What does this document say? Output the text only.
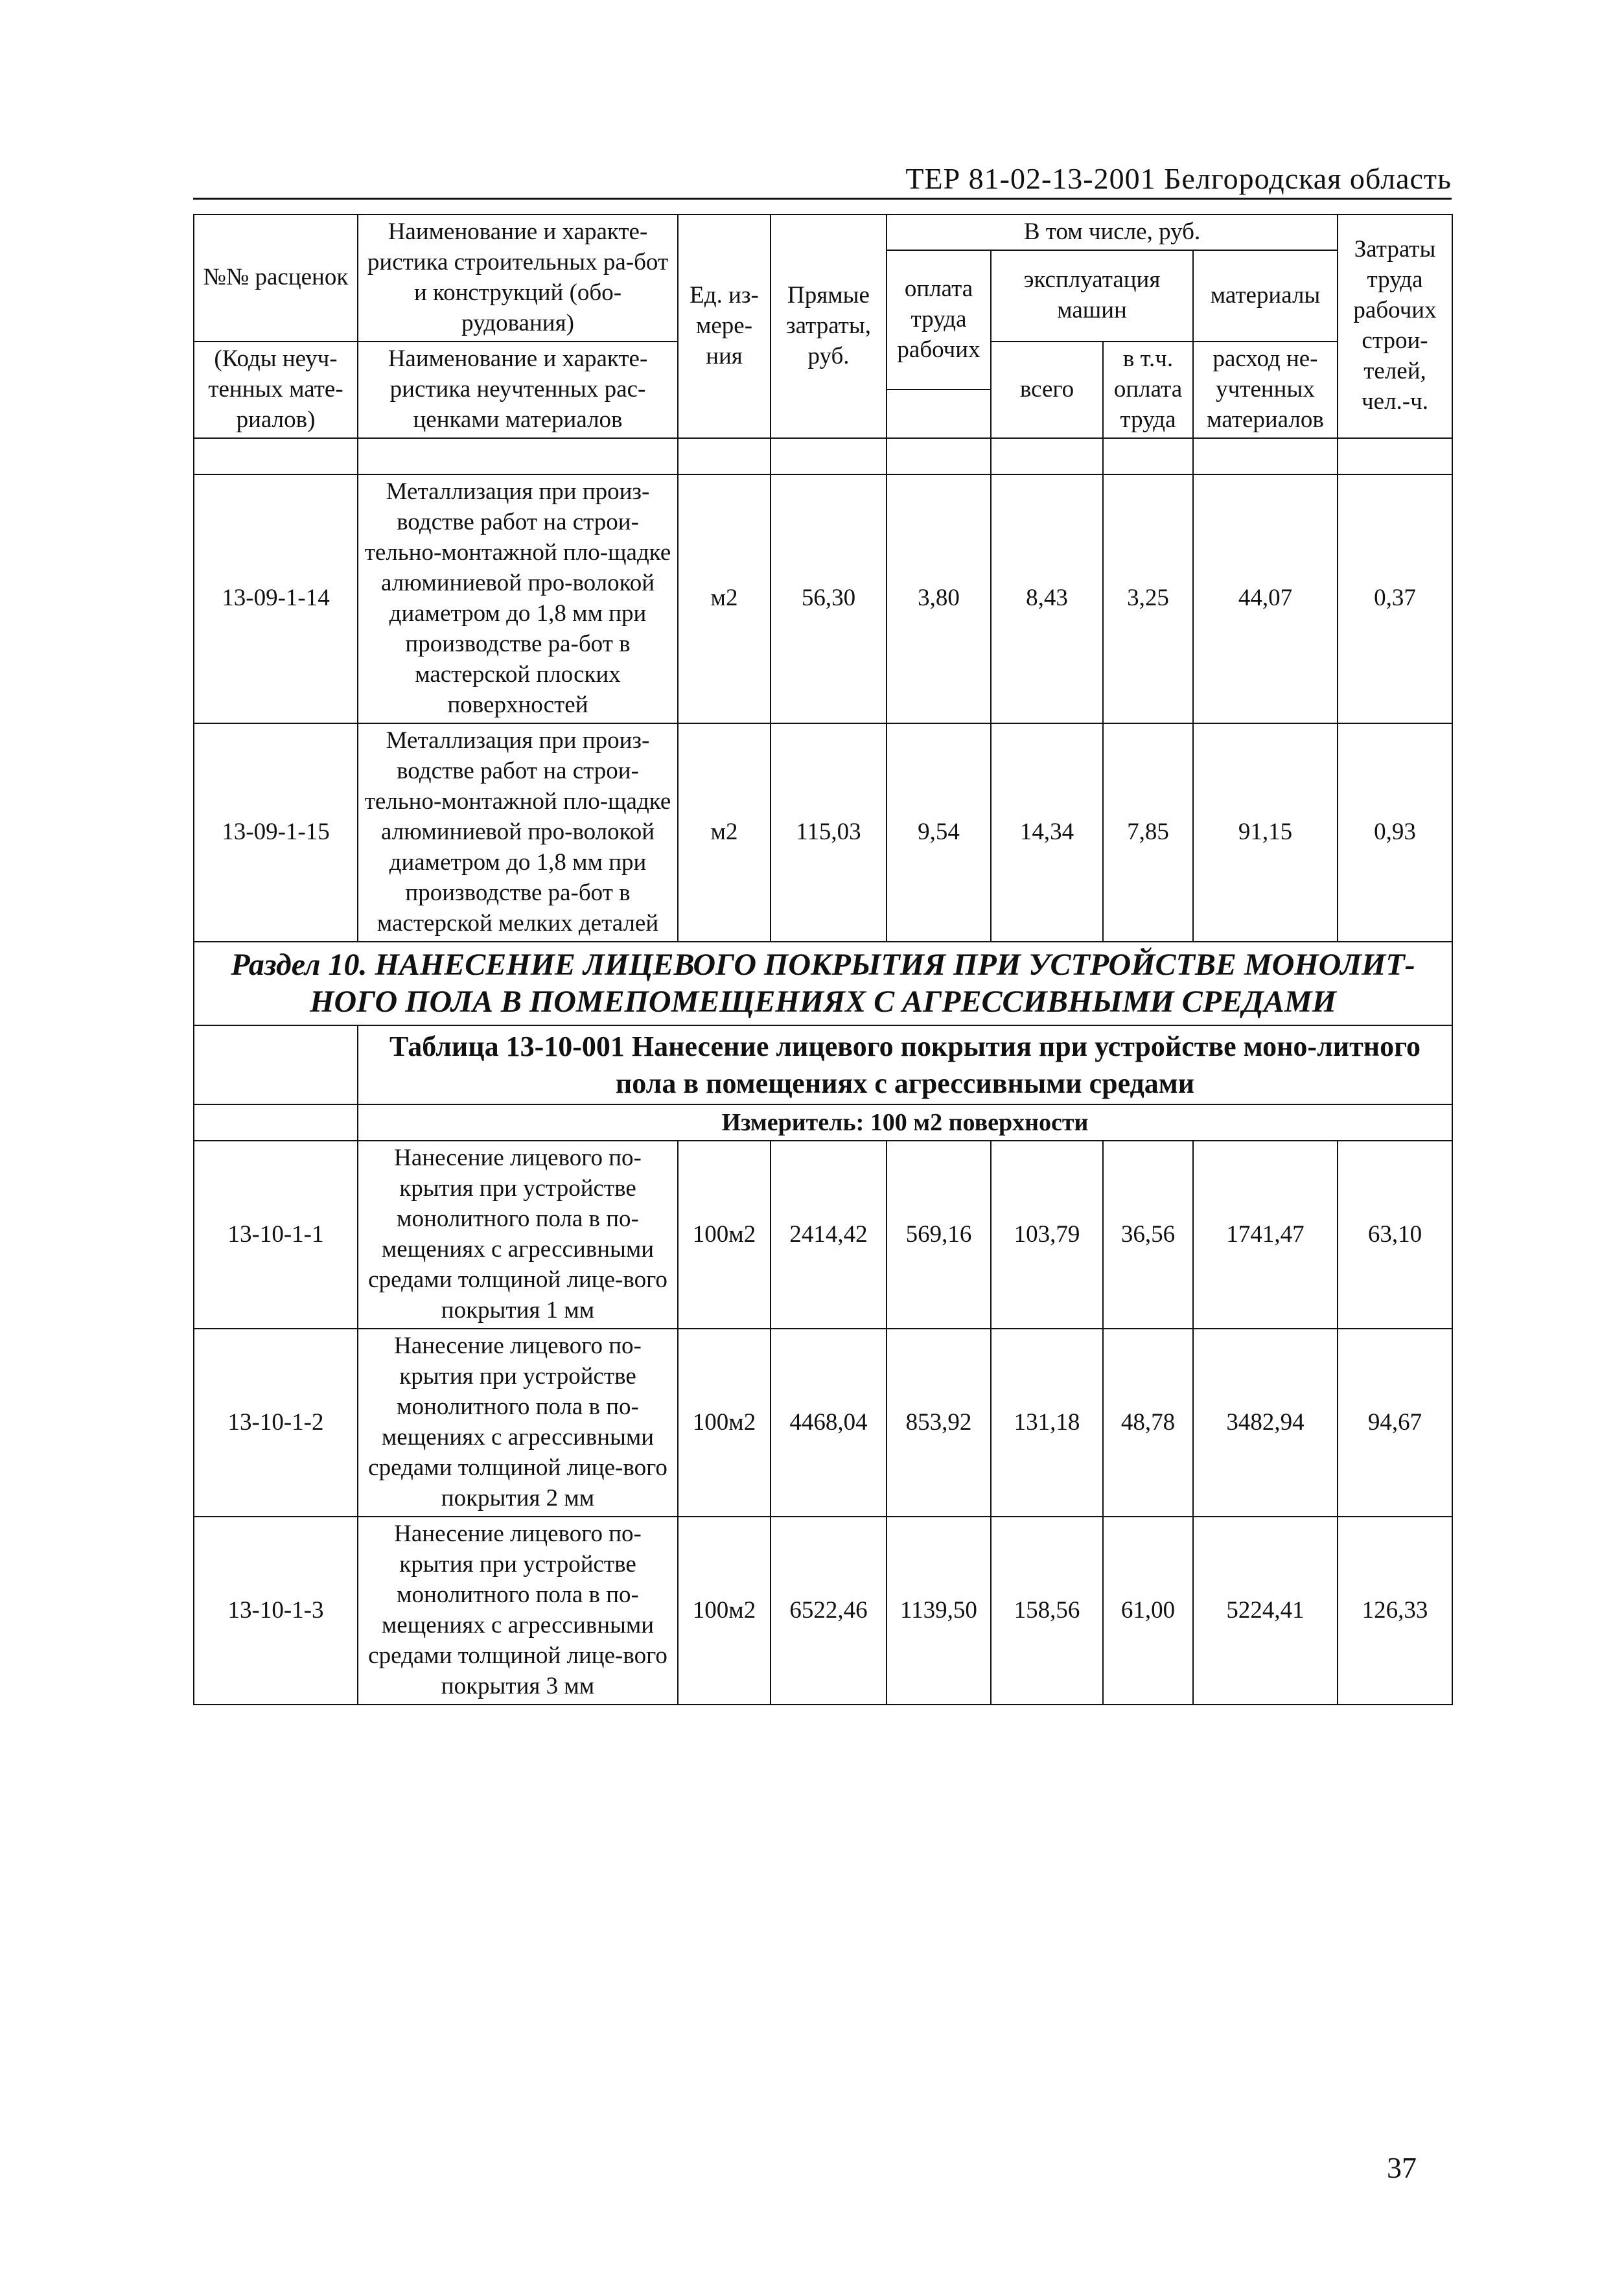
ТЕР 81-02-13-2001 Белгородская область
№№ расценок	Наименование и характе-ристика строительных ра-бот и конструкций (обо-рудования)	Ед. из-мере-ния	Прямые затраты, руб.	В том числе, руб.				Затраты труда рабочих строи-телей, чел.-ч.
				оплата труда рабочих	эксплуатация машин		материалы	
(Коды неуч-тенных мате-риалов)	Наименование и характе-ристика неучтенных рас-ценками материалов				всего	в т.ч. оплата труда	расход не-учтенных материалов	

13-09-1-14	Металлизация при произ-водстве работ на строи-тельно-монтажной пло-щадке алюминиевой про-волокой диаметром до 1,8 мм при производстве ра-бот в мастерской плоских поверхностей	м2	56,30	3,80	8,43	3,25	44,07	0,37
13-09-1-15	Металлизация при произ-водстве работ на строи-тельно-монтажной пло-щадке алюминиевой про-волокой диаметром до 1,8 мм при производстве ра-бот в мастерской мелких деталей	м2	115,03	9,54	14,34	7,85	91,15	0,93
Раздел 10. НАНЕСЕНИЕ ЛИЦЕВОГО ПОКРЫТИЯ ПРИ УСТРОЙСТВЕ МОНОЛИТ-НОГО ПОЛА В ПОМЕПОМЕЩЕНИЯХ С АГРЕССИВНЫМИ СРЕДАМИ								
	Таблица 13-10-001 Нанесение лицевого покрытия при устройстве моно-литного пола в помещениях с агрессивными средами							
	Измеритель: 100 м2 поверхности							
13-10-1-1	Нанесение лицевого по-крытия при устройстве монолитного пола в по-мещениях с агрессивными средами толщиной лице-вого покрытия 1 мм	100м2	2414,42	569,16	103,79	36,56	1741,47	63,10
13-10-1-2	Нанесение лицевого по-крытия при устройстве монолитного пола в по-мещениях с агрессивными средами толщиной лице-вого покрытия 2 мм	100м2	4468,04	853,92	131,18	48,78	3482,94	94,67
13-10-1-3	Нанесение лицевого по-крытия при устройстве монолитного пола в по-мещениях с агрессивными средами толщиной лице-вого покрытия 3 мм	100м2	6522,46	1139,50	158,56	61,00	5224,41	126,33
37
